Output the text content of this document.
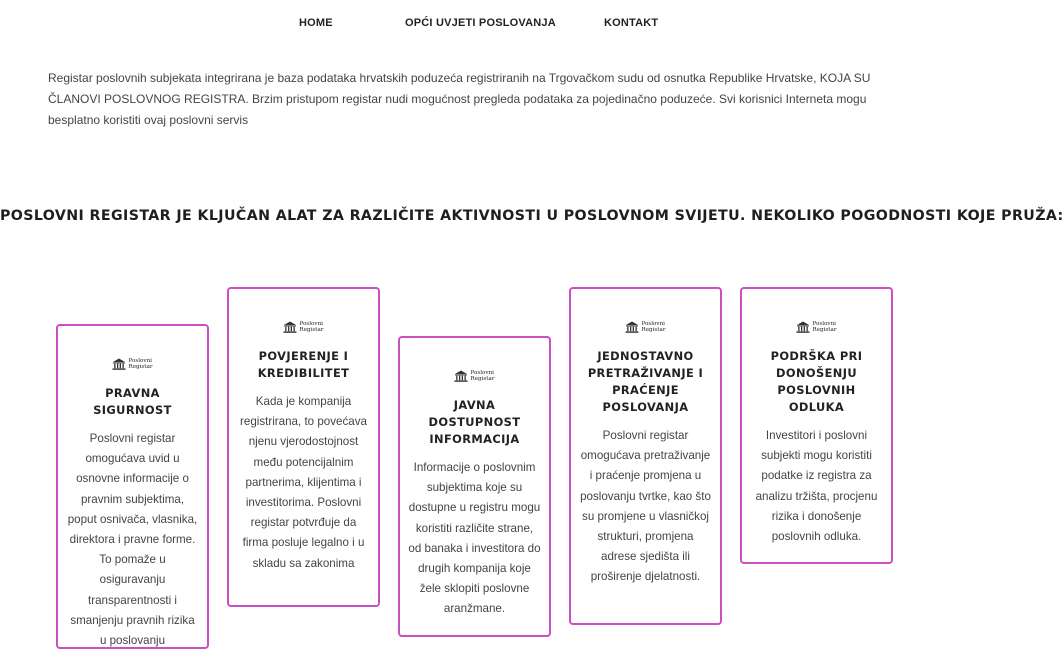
HOME	OPĆI UVJETI POSLOVANJA	KONTAKT

Registar poslovnih subjekata integrirana je baza podataka hrvatskih poduzeća registriranih na Trgovačkom sudu od osnutka Republike Hrvatske, KOJA SU ČLANOVI POSLOVNOG REGISTRA. Brzim pristupom registar nudi mogućnost pregleda podataka za pojedinačno poduzeće. Svi korisnici Interneta mogu besplatno koristiti ovaj poslovni servis

POSLOVNI REGISTAR JE KLJUČAN ALAT ZA RAZLIČITE AKTIVNOSTI U POSLOVNOM SVIJETU. NEKOLIKO POGODNOSTI KOJE PRUŽA:
Poslovni
Registar
PRAVNA SIGURNOST

Poslovni registar omogućava uvid u osnovne informacije o pravnim subjektima, poput osnivača, vlasnika, direktora i pravne forme. To pomaže u osiguravanju transparentnosti i smanjenju pravnih rizika u poslovanju

Poslovni
Registar
POVJERENJE I KREDIBILITET

Kada je kompanija registrirana, to povećava njenu vjerodostojnost među potencijalnim partnerima, klijentima i investitorima. Poslovni registar potvrđuje da firma posluje legalno i u skladu sa zakonima

Poslovni
Registar
JAVNA DOSTUPNOST INFORMACIJA

Informacije o poslovnim subjektima koje su dostupne u registru mogu koristiti različite strane, od banaka i investitora do drugih kompanija koje žele sklopiti poslovne aranžmane.

Poslovni
Registar
JEDNOSTAVNO PRETRAŽIVANJE I PRAĆENJE POSLOVANJA

Poslovni registar omogućava pretraživanje i praćenje promjena u poslovanju tvrtke, kao što su promjene u vlasničkoj strukturi, promjena adrese sjedišta ili proširenje djelatnosti.

Poslovni
Registar
PODRŠKA PRI DONOŠENJU POSLOVNIH ODLUKA

Investitori i poslovni subjekti mogu koristiti podatke iz registra za analizu tržišta, procjenu rizika i donošenje poslovnih odluka.
